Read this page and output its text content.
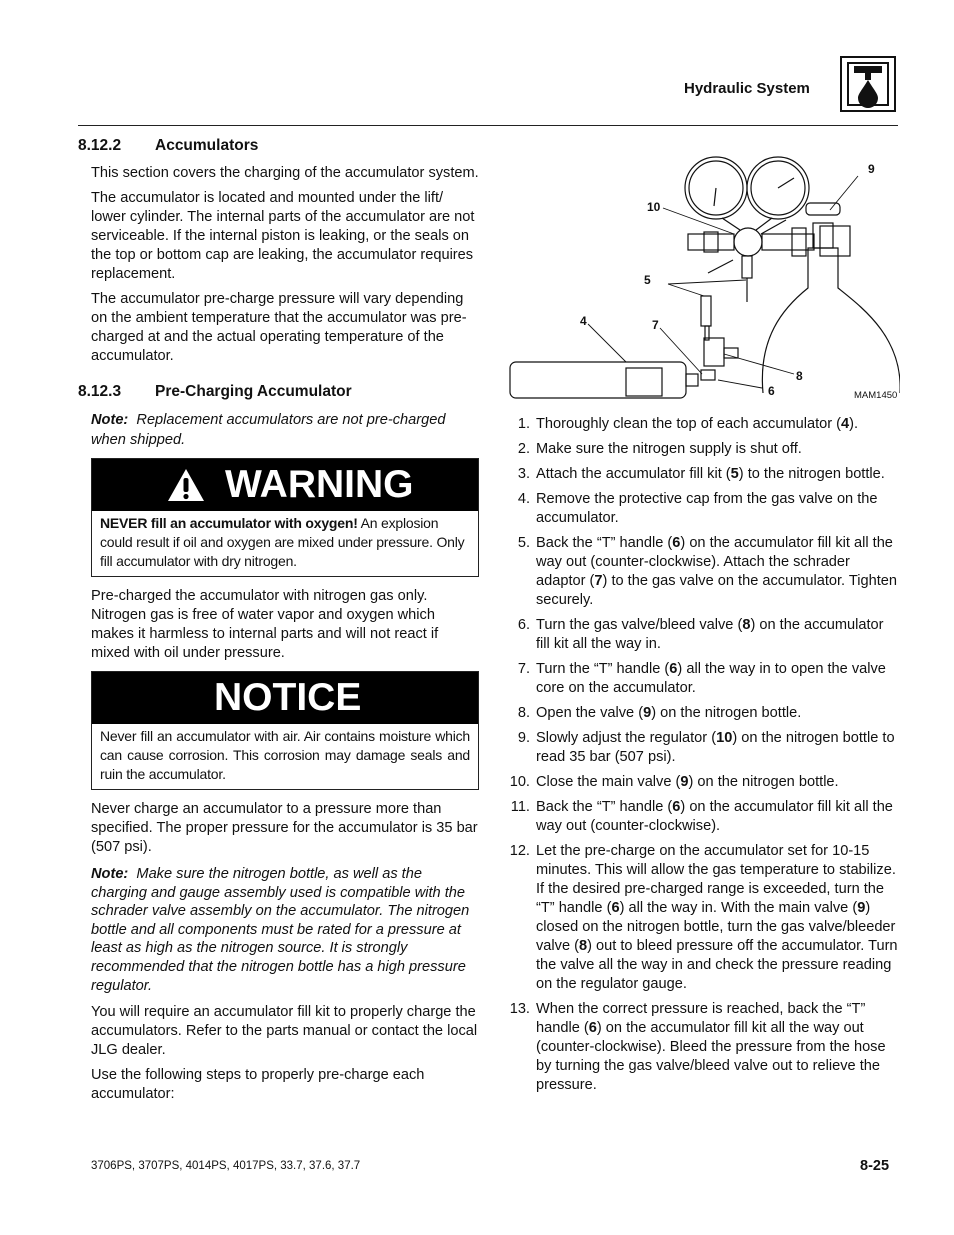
Hydraulic System
8.12.2 Accumulators

This section covers the charging of the accumulator system.

The accumulator is located and mounted under the lift/ lower cylinder. The internal parts of the accumulator are not serviceable. If the internal piston is leaking, or the seals on the top or bottom cap are leaking, the accumulator requires replacement.

The accumulator pre-charge pressure will vary depending on the ambient temperature that the accumulator was pre-charged at and the actual operating temperature of the accumulator.

8.12.3 Pre-Charging Accumulator
Note: Replacement accumulators are not pre-charged when shipped.
WARNING
NEVER fill an accumulator with oxygen! An explosion could result if oil and oxygen are mixed under pressure. Only fill accumulator with dry nitrogen.

Pre-charged the accumulator with nitrogen gas only. Nitrogen gas is free of water vapor and oxygen which makes it harmless to internal parts and will not react if mixed with oil under pressure.

NOTICE
Never fill an accumulator with air. Air contains moisture which can cause corrosion. This corrosion may damage seals and ruin the accumulator.

Never charge an accumulator to a pressure more than specified. The proper pressure for the accumulator is 35 bar (507 psi).

Note: Make sure the nitrogen bottle, as well as the charging and gauge assembly used is compatible with the schrader valve assembly on the accumulator. The nitrogen bottle and all components must be rated for a pressure at least as high as the nitrogen source. It is strongly recommended that the nitrogen bottle has a high pressure regulator.

You will require an accumulator fill kit to properly charge the accumulators. Refer to the parts manual or contact the local JLG dealer.

Use the following steps to properly pre-charge each accumulator:

9
10
5
4	7
8
6	MAM1450
1. Thoroughly clean the top of each accumulator (4).
2. Make sure the nitrogen supply is shut off.
3. Attach the accumulator fill kit (5) to the nitrogen bottle.
4. Remove the protective cap from the gas valve on the accumulator.
5. Back the “T” handle (6) on the accumulator fill kit all the way out (counter-clockwise). Attach the schrader adaptor (7) to the gas valve on the accumulator. Tighten securely.
6. Turn the gas valve/bleed valve (8) on the accumulator fill kit all the way in.
7. Turn the “T” handle (6) all the way in to open the valve core on the accumulator.
8. Open the valve (9) on the nitrogen bottle.
9. Slowly adjust the regulator (10) on the nitrogen bottle to read 35 bar (507 psi).
10. Close the main valve (9) on the nitrogen bottle.
11. Back the “T” handle (6) on the accumulator fill kit all the way out (counter-clockwise).
12. Let the pre-charge on the accumulator set for 10-15 minutes. This will allow the gas temperature to stabilize. If the desired pre-charged range is exceeded, turn the “T” handle (6) all the way in. With the main valve (9) closed on the nitrogen bottle, turn the gas valve/bleeder valve (8) out to bleed pressure off the accumulator. Turn the valve all the way in and check the pressure reading on the regulator gauge.
13. When the correct pressure is reached, back the “T” handle (6) on the accumulator fill kit all the way out (counter-clockwise). Bleed the pressure from the hose by turning the gas valve/bleed valve out to relieve the pressure.
3706PS, 3707PS, 4014PS, 4017PS, 33.7, 37.6, 37.7	8-25
